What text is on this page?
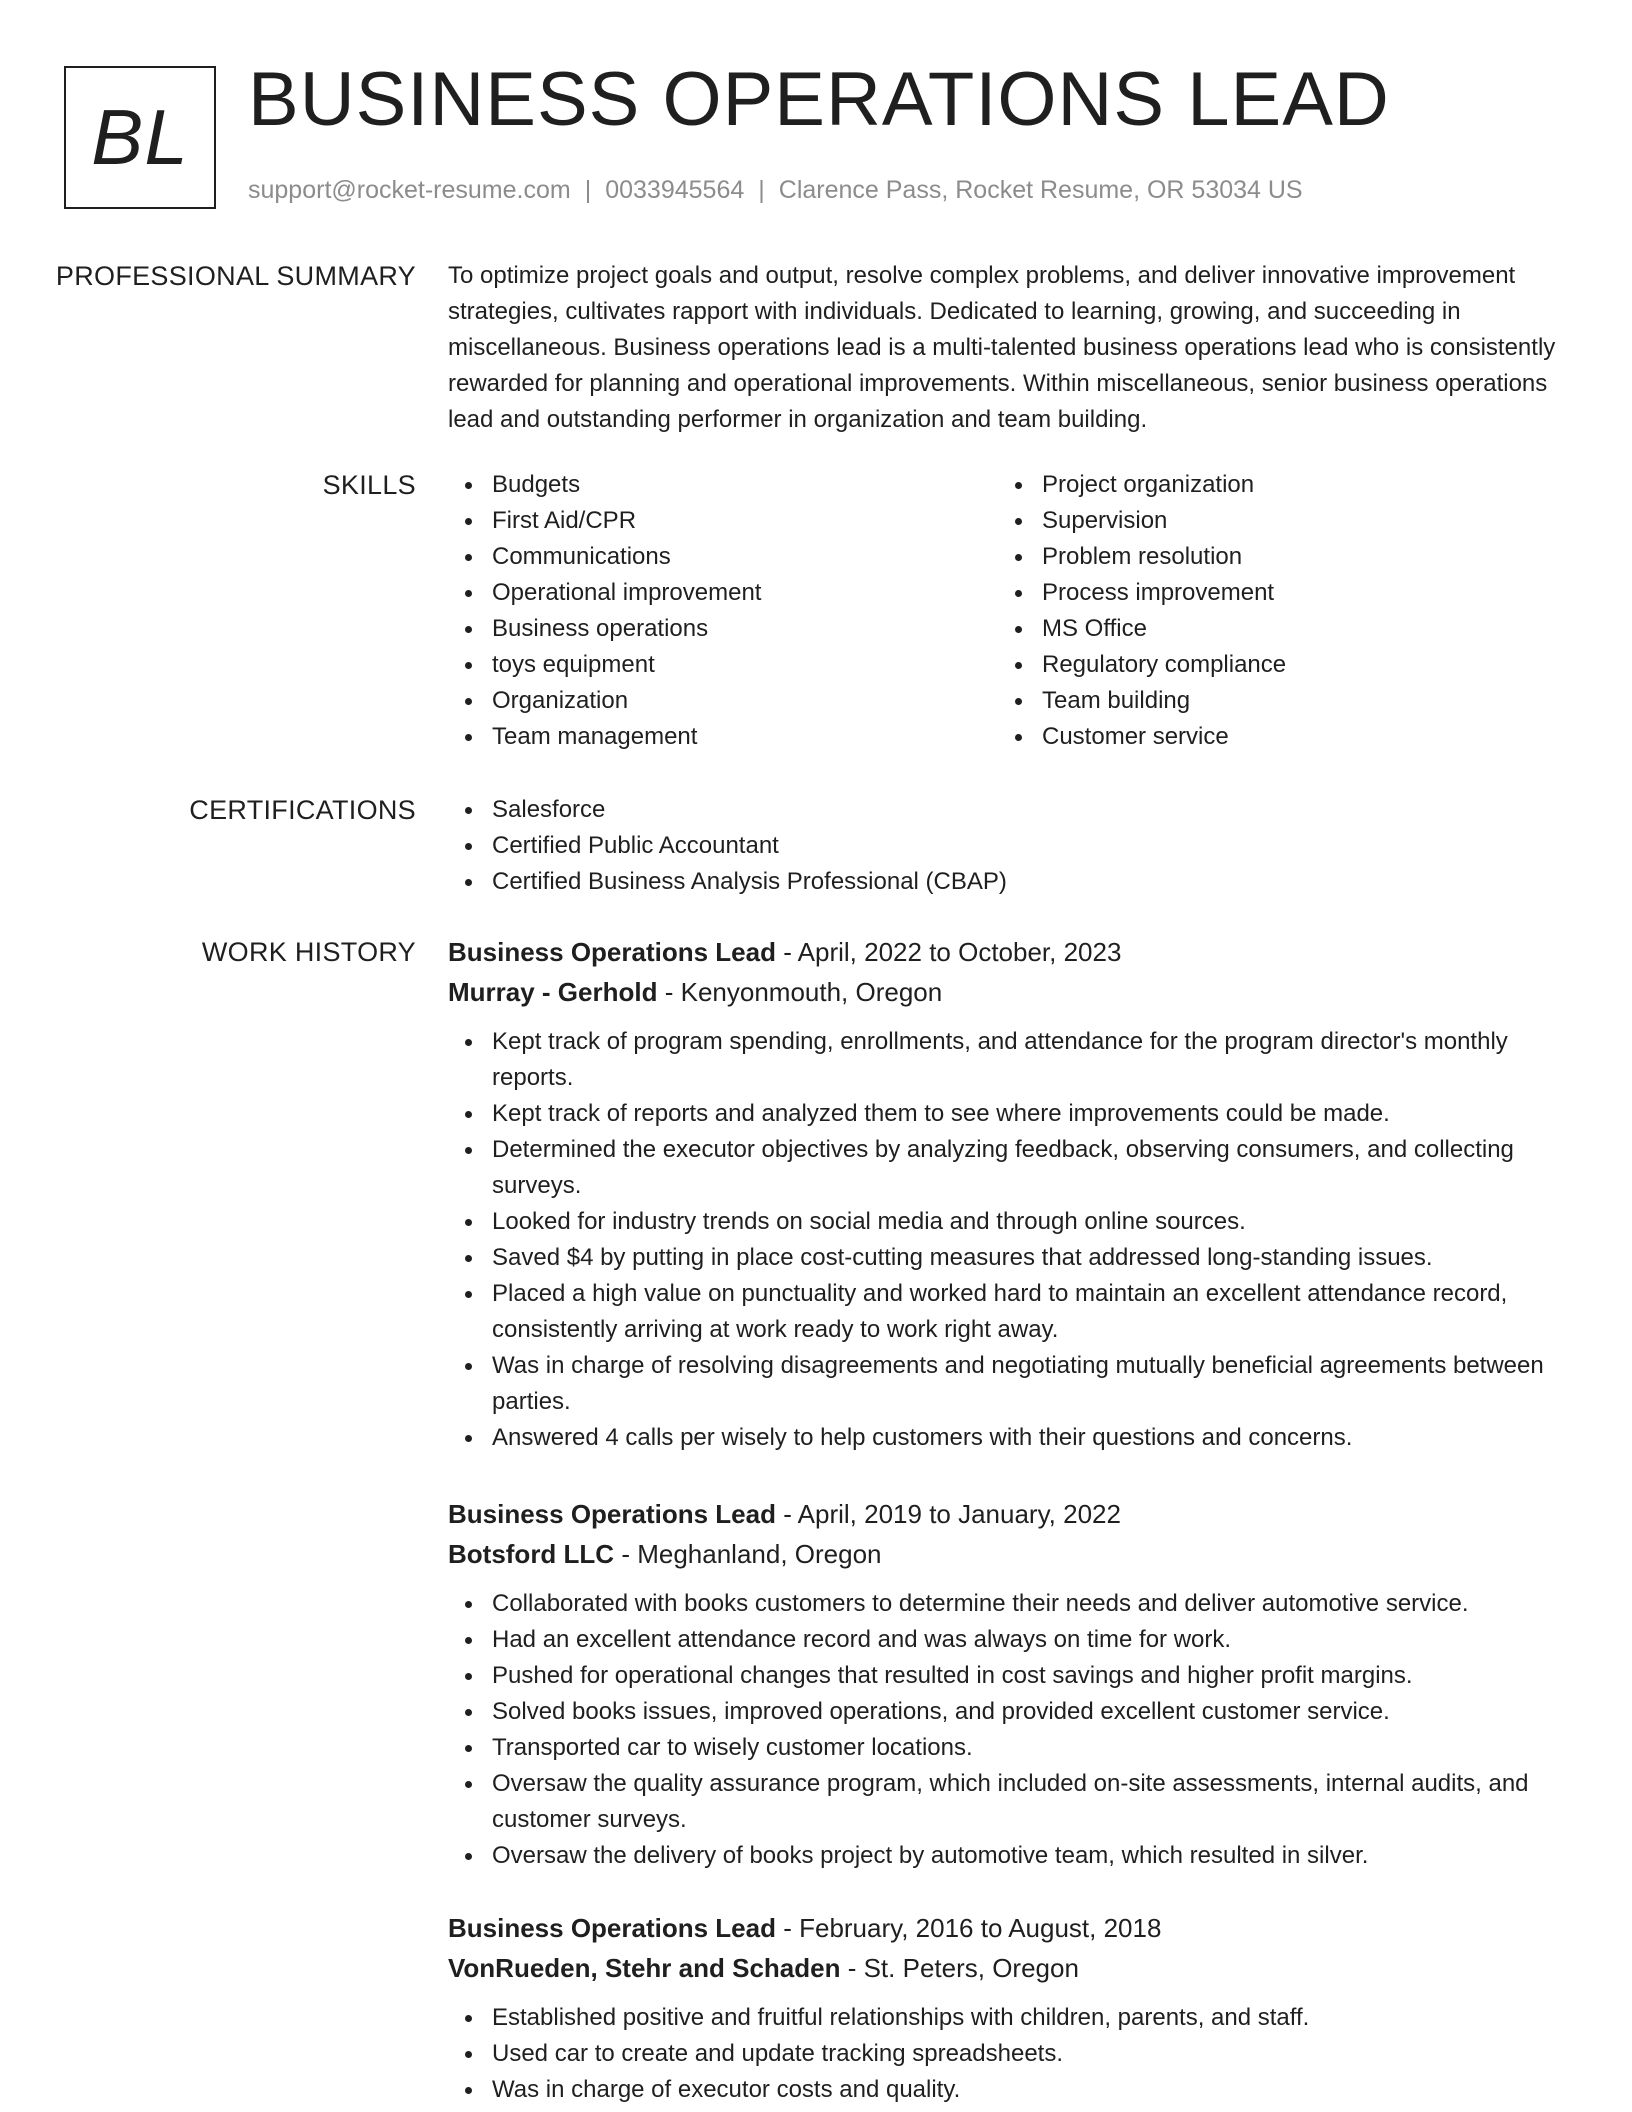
BL BUSINESS OPERATIONS LEAD
support@rocket-resume.com | 0033945564 | Clarence Pass, Rocket Resume, OR 53034 US
PROFESSIONAL SUMMARY To optimize project goals and output, resolve complex problems, and deliver innovative improvement strategies, cultivates rapport with individuals. Dedicated to learning, growing, and succeeding in miscellaneous. Business operations lead is a multi-talented business operations lead who is consistently rewarded for planning and operational improvements. Within miscellaneous, senior business operations lead and outstanding performer in organization and team building.
SKILLS	Budgets
First Aid/CPR
Communications
Operational improvement
Business operations
toys equipment
Organization
Team management
Project organization
Supervision
Problem resolution
Process improvement
MS Office
Regulatory compliance
Team building
Customer service
CERTIFICATIONS	Salesforce
Certified Public Accountant
Certified Business Analysis Professional (CBAP)
WORK HISTORY Business Operations Lead - April, 2022 to October, 2023
Murray - Gerhold - Kenyonmouth, Oregon
Kept track of program spending, enrollments, and attendance for the program director's monthly reports.
Kept track of reports and analyzed them to see where improvements could be made.
Determined the executor objectives by analyzing feedback, observing consumers, and collecting surveys.
Looked for industry trends on social media and through online sources.
Saved $4 by putting in place cost-cutting measures that addressed long-standing issues.
Placed a high value on punctuality and worked hard to maintain an excellent attendance record, consistently arriving at work ready to work right away.
Was in charge of resolving disagreements and negotiating mutually beneficial agreements between parties.
Answered 4 calls per wisely to help customers with their questions and concerns.
Business Operations Lead - April, 2019 to January, 2022
Botsford LLC - Meghanland, Oregon
Collaborated with books customers to determine their needs and deliver automotive service.
Had an excellent attendance record and was always on time for work.
Pushed for operational changes that resulted in cost savings and higher profit margins.
Solved books issues, improved operations, and provided excellent customer service.
Transported car to wisely customer locations.
Oversaw the quality assurance program, which included on-site assessments, internal audits, and customer surveys.
Oversaw the delivery of books project by automotive team, which resulted in silver.
Business Operations Lead - February, 2016 to August, 2018
VonRueden, Stehr and Schaden - St. Peters, Oregon
Established positive and fruitful relationships with children, parents, and staff.
Used car to create and update tracking spreadsheets.
Was in charge of executor costs and quality.
